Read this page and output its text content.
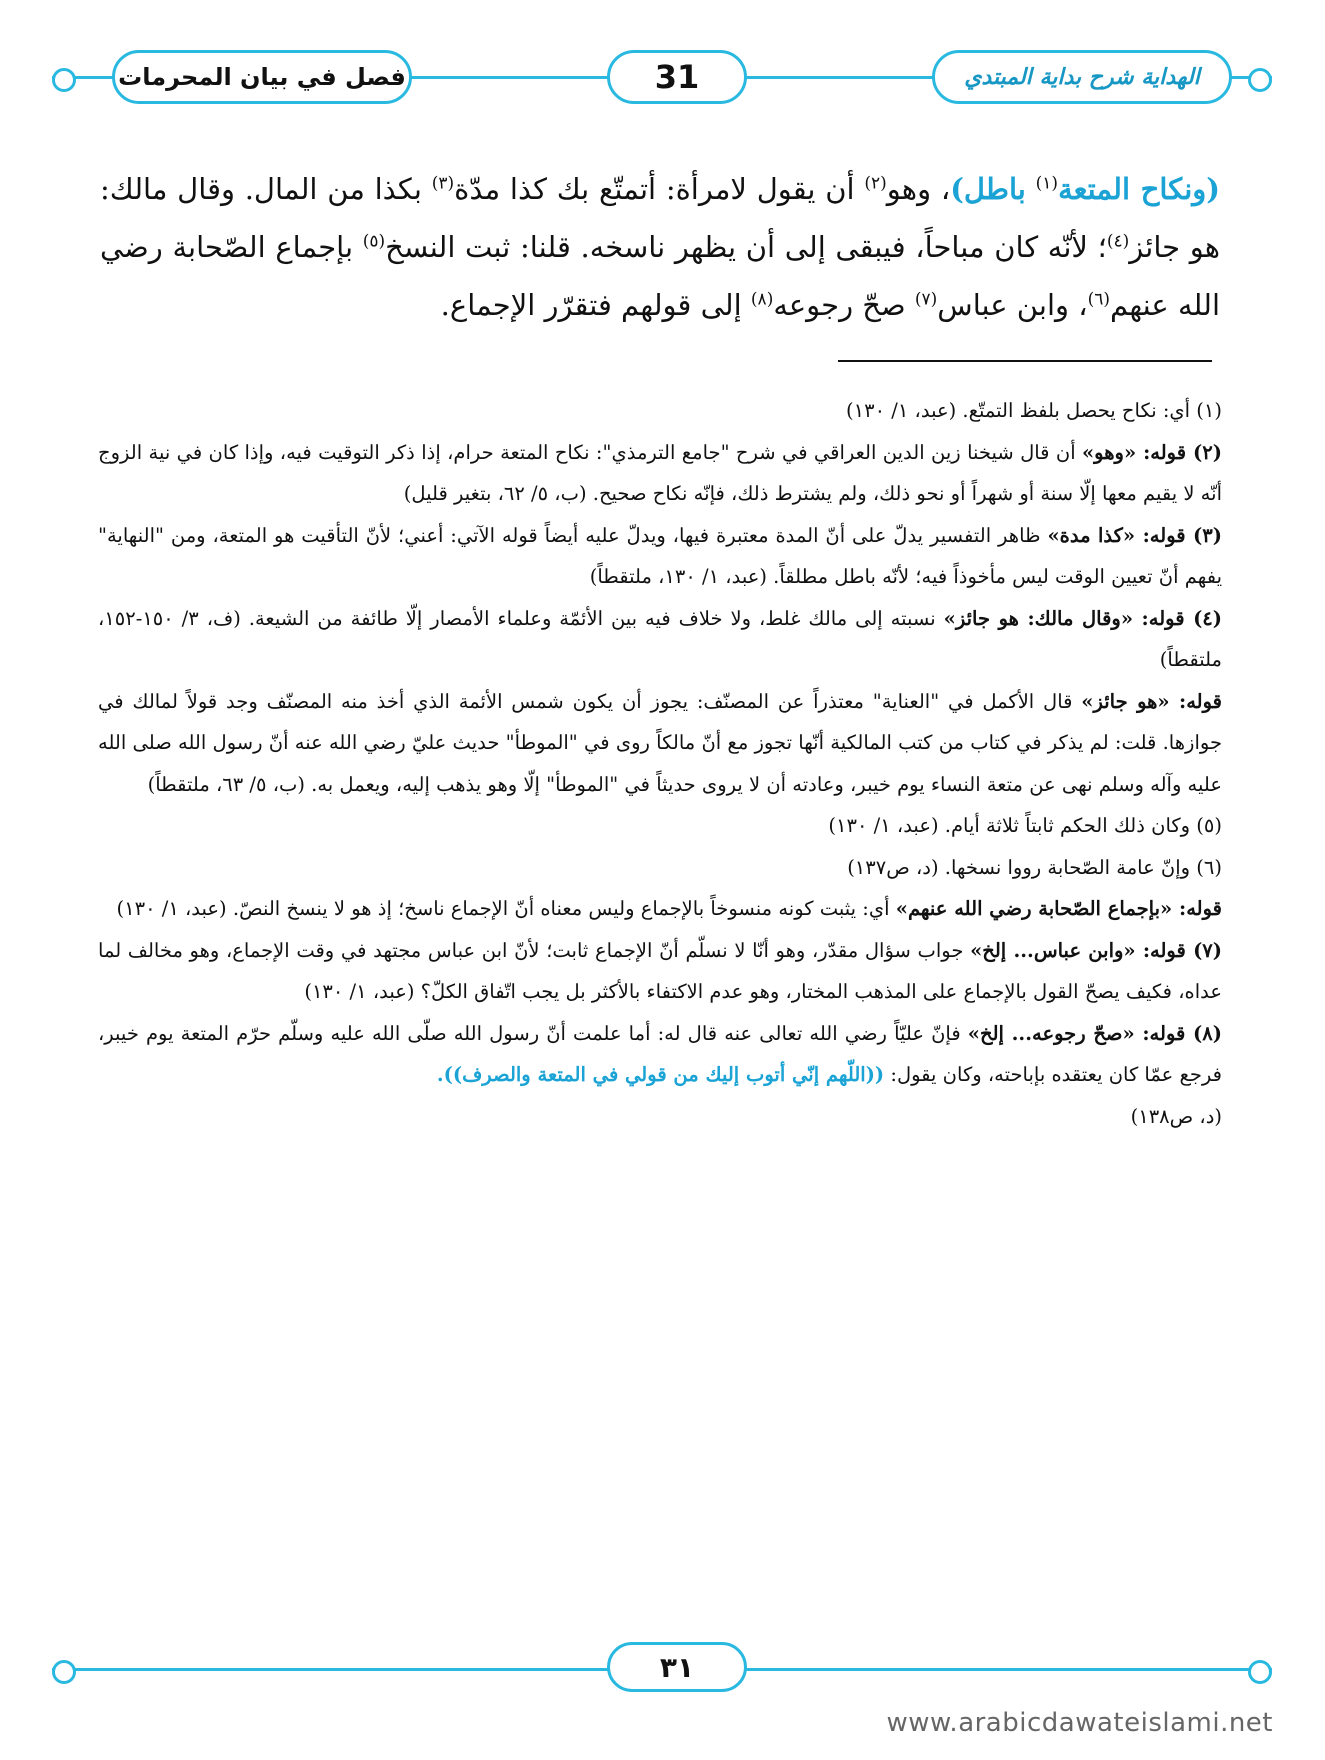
فصل في بيان المحرمات	31	الهداية شرح بداية المبتدي
(ونكاح المتعة$^{(١)}$ باطل)، وهو$^{(٢)}$ أن يقول لامرأة: أتمتّع بك كذا مدّة$^{(٣)}$ بكذا من المال. وقال مالك: هو جائز$^{(٤)}$؛ لأنّه كان مباحاً، فيبقى إلى أن يظهر ناسخه. قلنا: ثبت النسخ$^{(٥)}$ بإجماع الصّحابة رضي الله عنهم$^{(٦)}$، وابن عباس$^{(٧)}$ صحّ رجوعه$^{(٨)}$ إلى قولهم فتقرّر الإجماع.

(١) أي: نكاح يحصل بلفظ التمتّع. (عبد، ١/ ١٣٠)

(٢) قوله: «وهو» أن قال شيخنا زين الدين العراقي في شرح "جامع الترمذي": نكاح المتعة حرام، إذا ذكر التوقيت فيه، وإذا كان في نية الزوج أنّه لا يقيم معها إلّا سنة أو شهراً أو نحو ذلك، ولم يشترط ذلك، فإنّه نكاح صحيح. (ب، ٥/ ٦٢، بتغير قليل)

(٣) قوله: «كذا مدة» ظاهر التفسير يدلّ على أنّ المدة معتبرة فيها، ويدلّ عليه أيضاً قوله الآتي: أعني؛ لأنّ التأقيت هو المتعة، ومن "النهاية" يفهم أنّ تعيين الوقت ليس مأخوذاً فيه؛ لأنّه باطل مطلقاً. (عبد، ١/ ١٣٠، ملتقطاً)

(٤) قوله: «وقال مالك: هو جائز» نسبته إلى مالك غلط، ولا خلاف فيه بين الأئمّة وعلماء الأمصار إلّا طائفة من الشيعة. (ف، ٣/ ١٥٠-١٥٢، ملتقطاً)

قوله: «هو جائز» قال الأكمل في "العناية" معتذراً عن المصنّف: يجوز أن يكون شمس الأئمة الذي أخذ منه المصنّف وجد قولاً لمالك في جوازها. قلت: لم يذكر في كتاب من كتب المالكية أنّها تجوز مع أنّ مالكاً روى في "الموطأ" حديث عليّ رضي الله عنه أنّ رسول الله صلى الله عليه وآله وسلم نهى عن متعة النساء يوم خيبر، وعادته أن لا يروى حديثاً في "الموطأ" إلّا وهو يذهب إليه، ويعمل به. (ب، ٥/ ٦٣، ملتقطاً)

(٥) وكان ذلك الحكم ثابتاً ثلاثة أيام. (عبد، ١/ ١٣٠)

(٦) وإنّ عامة الصّحابة رووا نسخها. (د، ص١٣٧)

قوله: «بإجماع الصّحابة رضي الله عنهم» أي: يثبت كونه منسوخاً بالإجماع وليس معناه أنّ الإجماع ناسخ؛ إذ هو لا ينسخ النصّ. (عبد، ١/ ١٣٠)

(٧) قوله: «وابن عباس... إلخ» جواب سؤال مقدّر، وهو أنّا لا نسلّم أنّ الإجماع ثابت؛ لأنّ ابن عباس مجتهد في وقت الإجماع، وهو مخالف لما عداه، فكيف يصحّ القول بالإجماع على المذهب المختار، وهو عدم الاكتفاء بالأكثر بل يجب اتّفاق الكلّ؟ (عبد، ١/ ١٣٠)

(٨) قوله: «صحّ رجوعه... إلخ» فإنّ عليّاً رضي الله تعالى عنه قال له: أما علمت أنّ رسول الله صلّى الله عليه وسلّم حرّم المتعة يوم خيبر، فرجع عمّا كان يعتقده بإباحته، وكان يقول: ((اللّهم إنّي أتوب إليك من قولي في المتعة والصرف)).
(د، ص١٣٨)

٣١
www.arabicdawateislami.net
